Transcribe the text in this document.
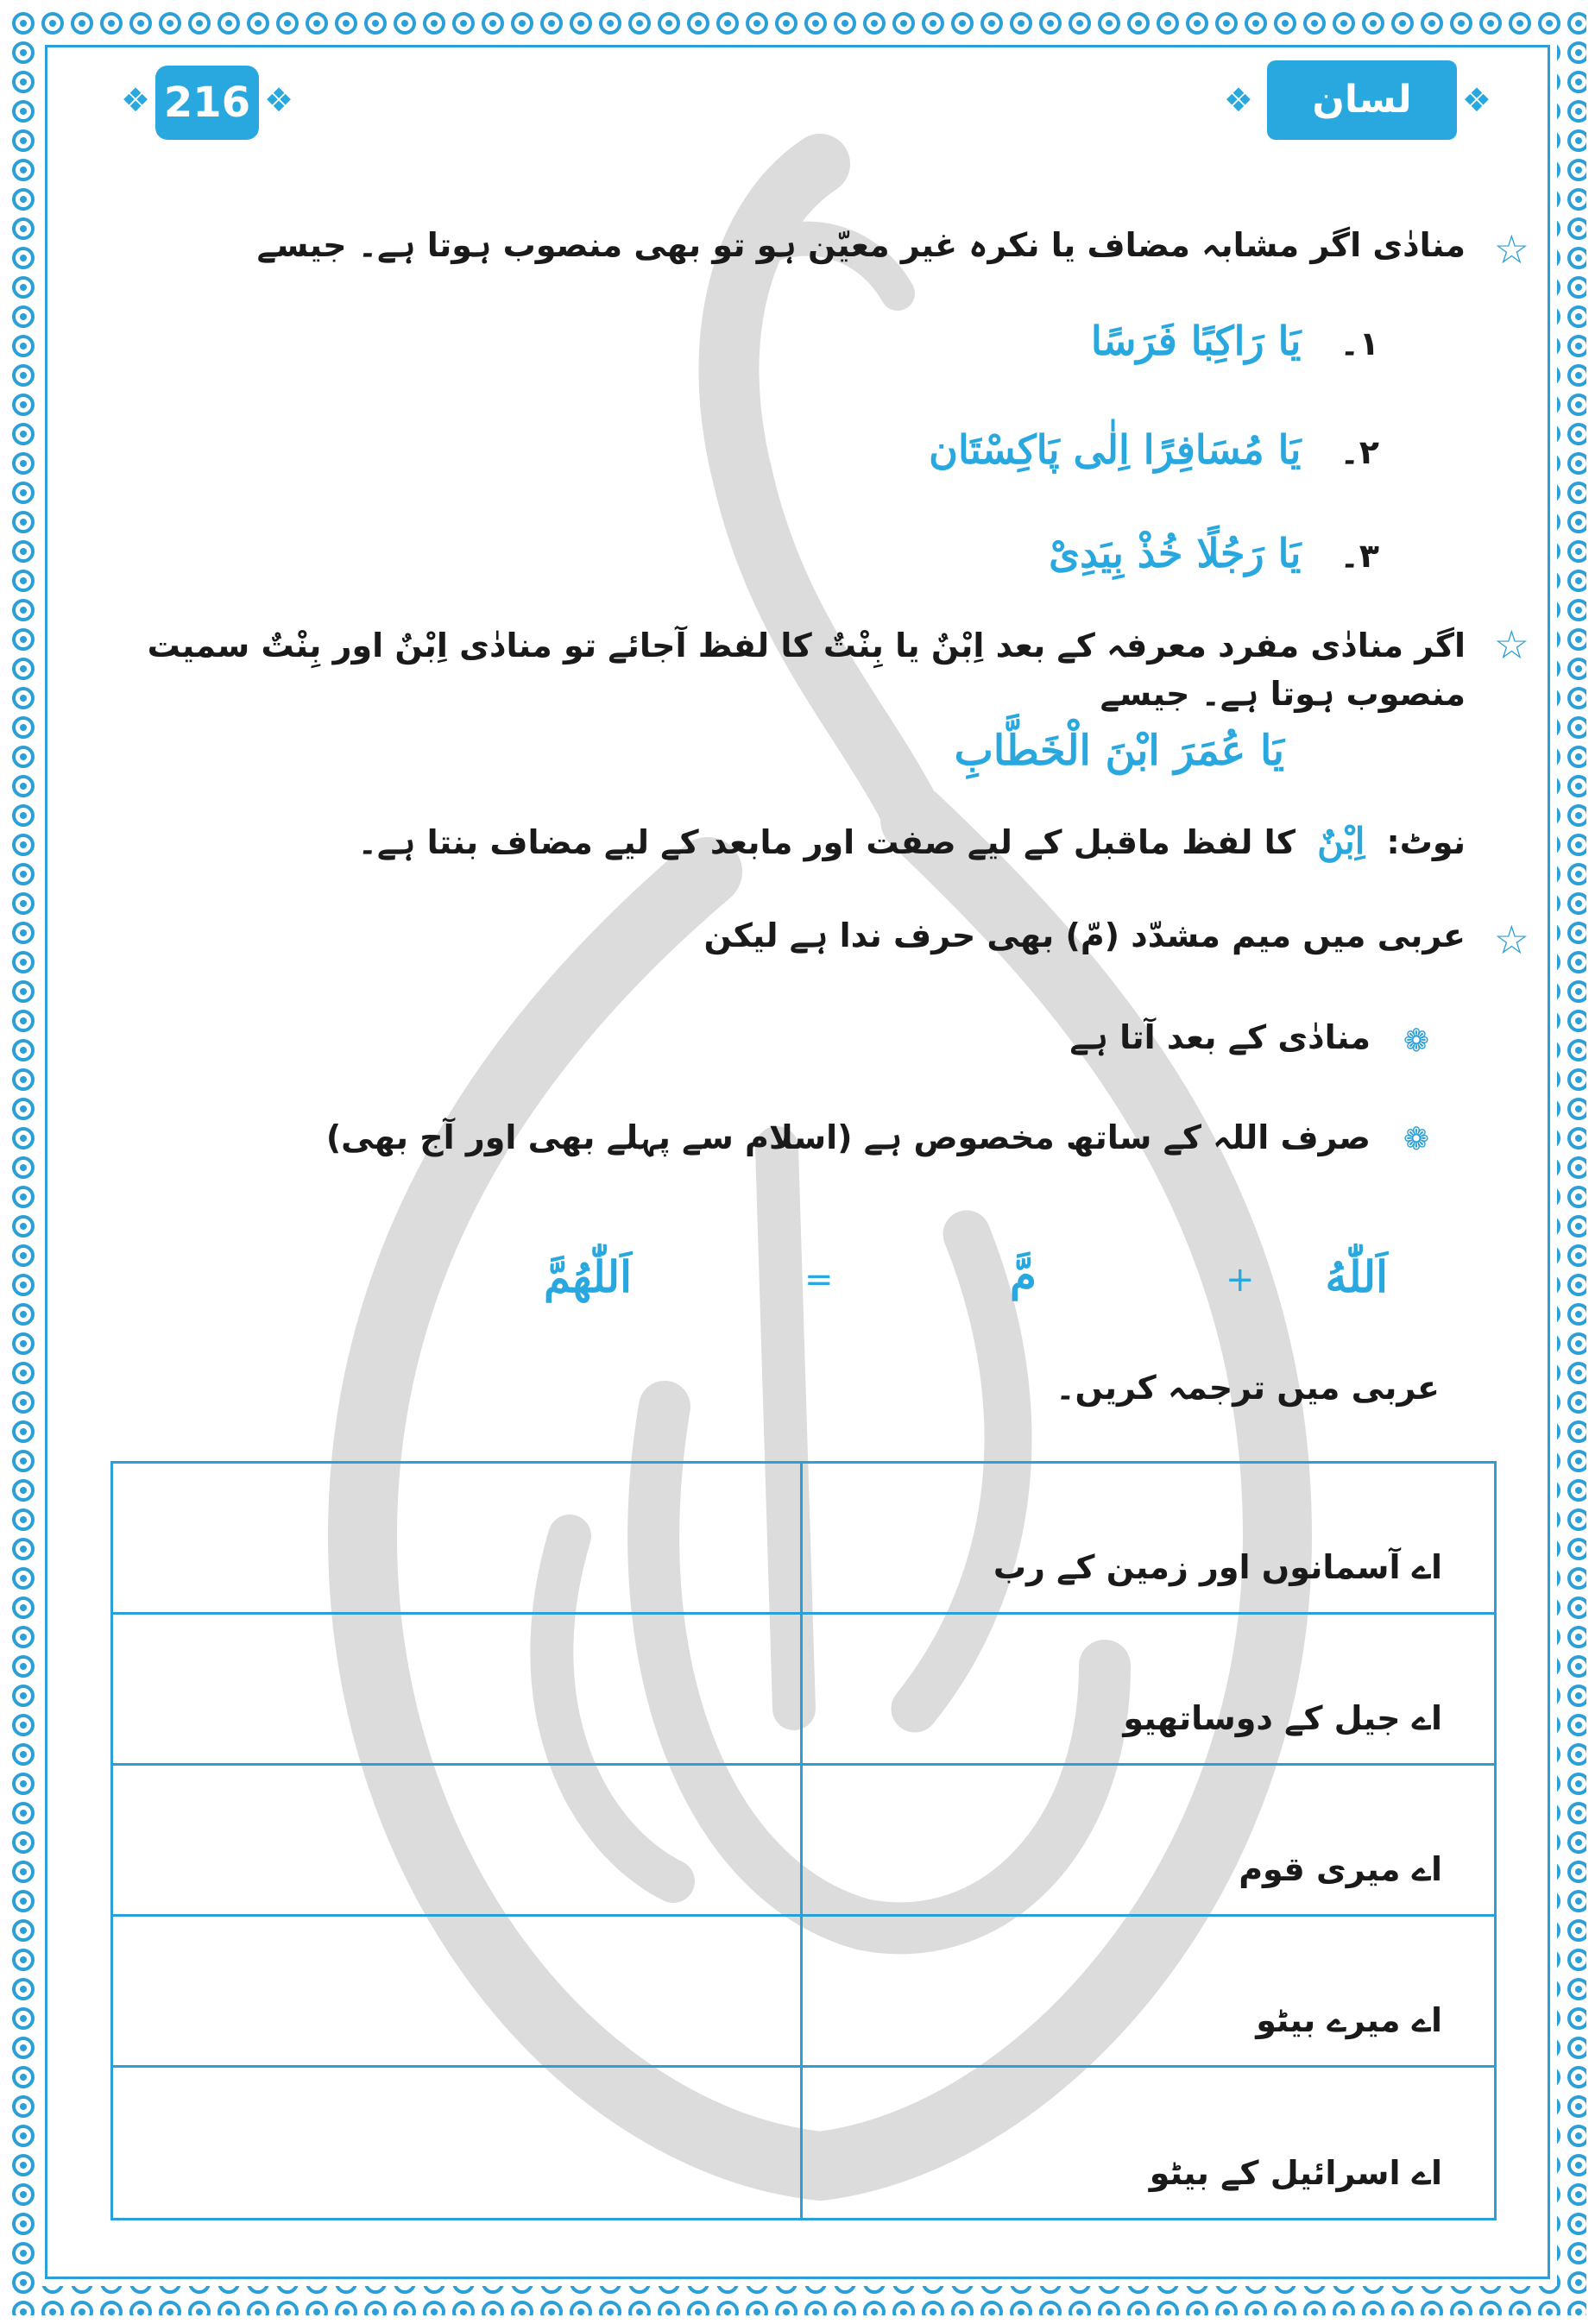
لسان القرآن
❖	❖
216
❖	❖
☆
منادٰی اگر مشابہ مضاف یا نکرہ غیر معیّن ہو تو بھی منصوب ہوتا ہے۔ جیسے
۱۔ یَا رَاکِبًا فَرَسًا
۲۔ یَا مُسَافِرًا اِلٰی پَاکِسْتَان
۳۔ یَا رَجُلًا خُذْ بِیَدِیْ
☆
اگر منادٰی مفرد معرفہ کے بعد اِبْنٌ یا بِنْتٌ کا لفظ آجائے تو منادٰی اِبْنٌ اور بِنْتٌ سمیت منصوب ہوتا ہے۔ جیسے
یَا عُمَرَ ابْنَ الْخَطَّابِ
نوٹ: اِبْنٌ کا لفظ ماقبل کے لیے صفت اور مابعد کے لیے مضاف بنتا ہے۔
☆
عربی میں میم مشدّد (مّ) بھی حرف ندا ہے لیکن
❁
منادٰی کے بعد آتا ہے
❁
صرف اللہ کے ساتھ مخصوص ہے (اسلام سے پہلے بھی اور آج بھی)
اَللّٰهُ
+
مَّ
=
اَللّٰهُمَّ
عربی میں ترجمہ کریں۔
اے آسمانوں اور زمین کے رب
اے جیل کے دوساتھیو
اے میری قوم
اے میرے بیٹو
اے اسرائیل کے بیٹو
